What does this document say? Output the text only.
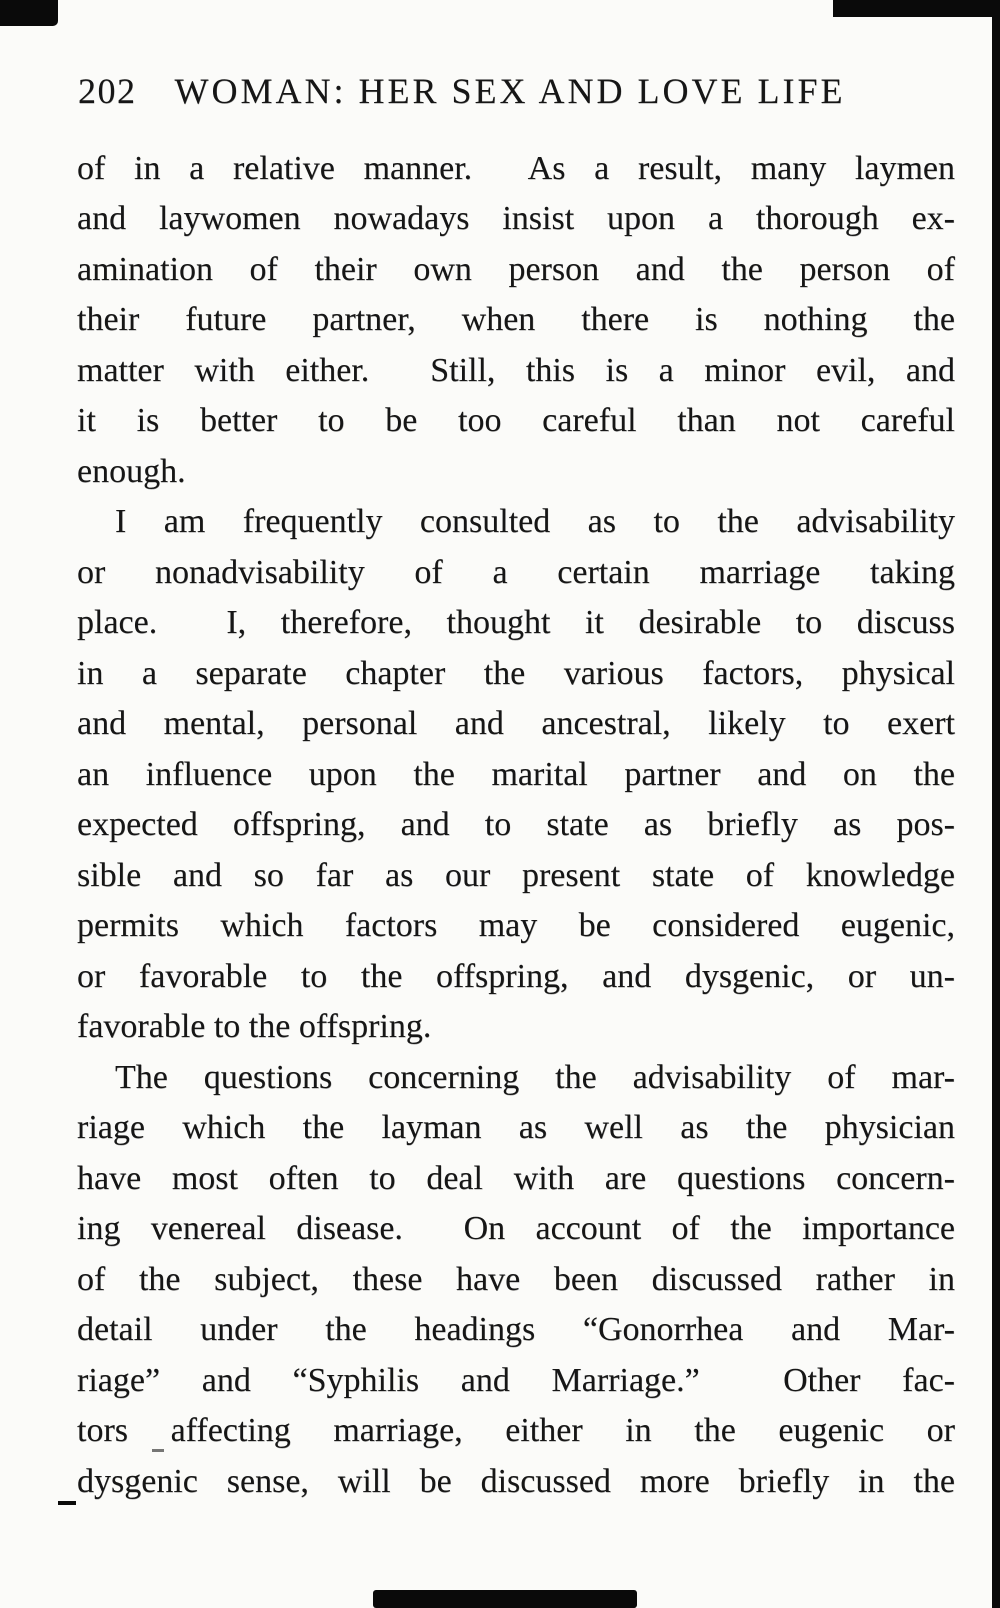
202 WOMAN: HER SEX AND LOVE LIFE
of in a relative manner.  As a result, many laymen
and laywomen nowadays insist upon a thorough ex-
amination of their own person and the person of
their future partner, when there is nothing the
matter with either.  Still, this is a minor evil, and
it is better to be too careful than not careful
enough.
I am frequently consulted as to the advisability
or nonadvisability of a certain marriage taking
place.  I, therefore, thought it desirable to discuss
in a separate chapter the various factors, physical
and mental, personal and ancestral, likely to exert
an influence upon the marital partner and on the
expected offspring, and to state as briefly as pos-
sible and so far as our present state of knowledge
permits which factors may be considered eugenic,
or favorable to the offspring, and dysgenic, or un-
favorable to the offspring.
The questions concerning the advisability of mar-
riage which the layman as well as the physician
have most often to deal with are questions concern-
ing venereal disease.  On account of the importance
of the subject, these have been discussed rather in
detail under the headings “Gonorrhea and Mar-
riage” and “Syphilis and Marriage.”  Other fac-
tors affecting marriage, either in the eugenic or
dysgenic sense, will be discussed more briefly in the
